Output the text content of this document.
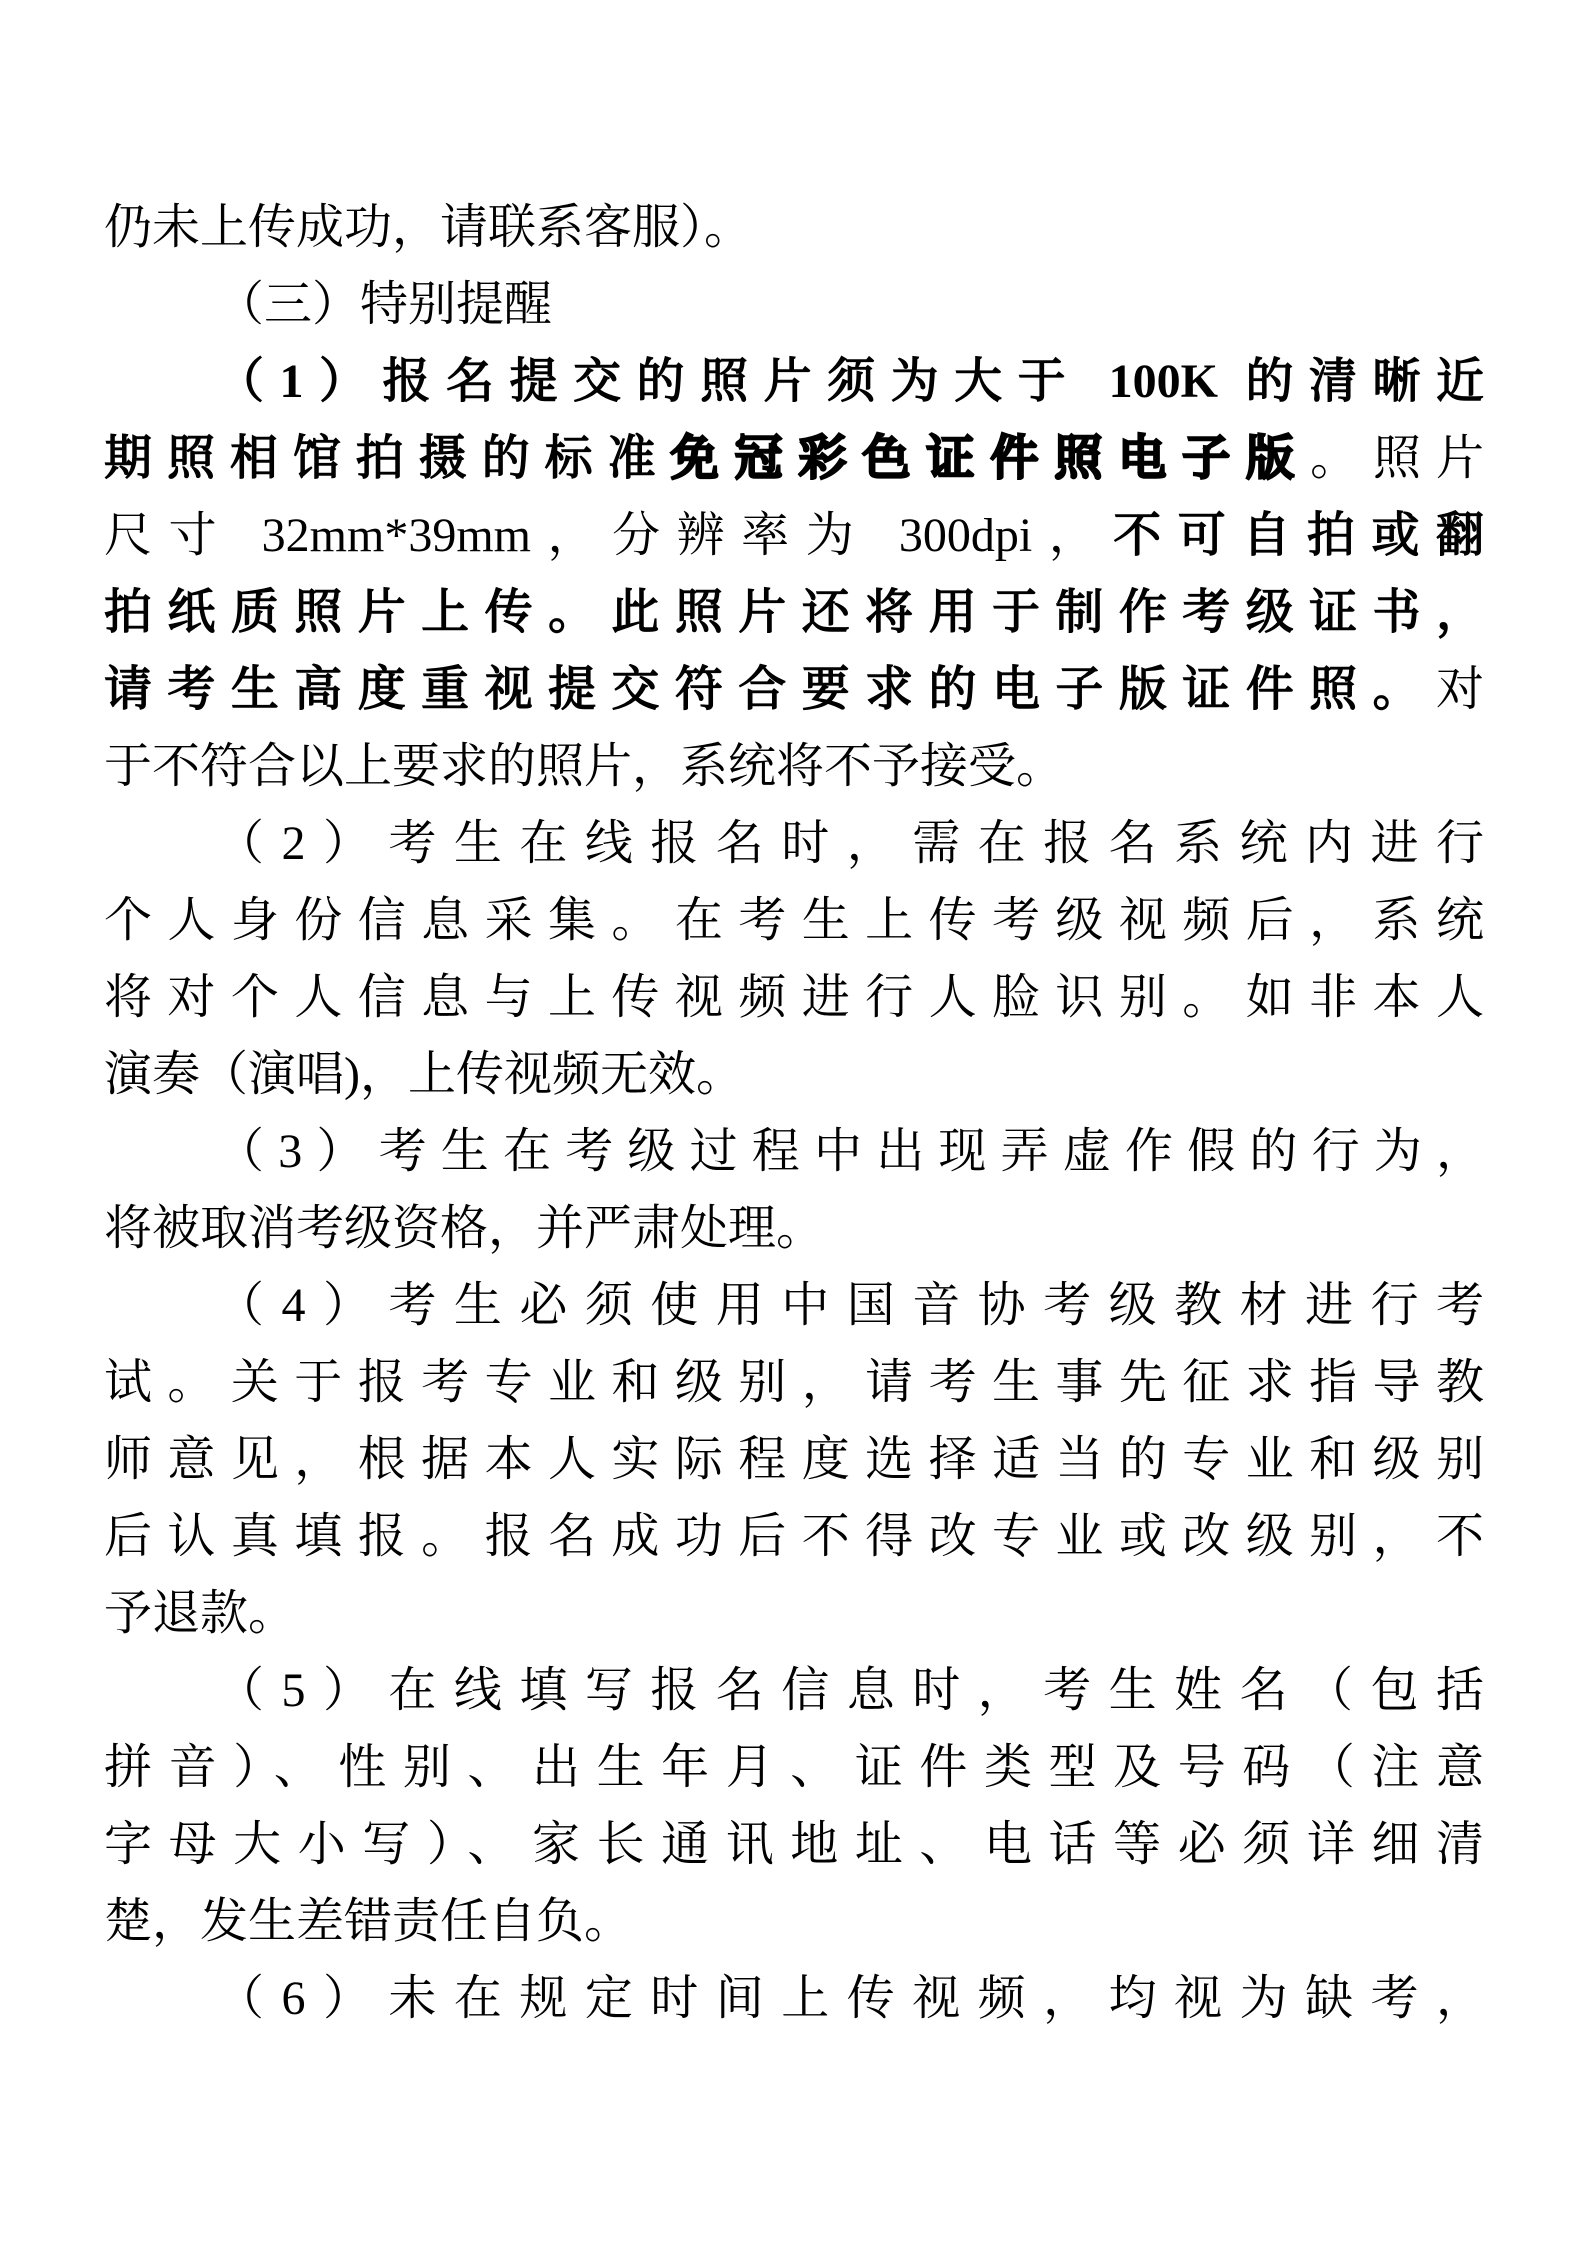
仍未上传成功，请联系客服）。
（三）特别提醒
（1）报名提交的照片须为大于 100K 的清晰近
期照相馆拍摄的标准免冠彩色证件照电子版。照片
尺寸 32mm*39mm，分辨率为 300dpi，不可自拍或翻
拍纸质照片上传。此照片还将用于制作考级证书，
请考生高度重视提交符合要求的电子版证件照。对
于不符合以上要求的照片，系统将不予接受。
（2）考生在线报名时，需在报名系统内进行
个人身份信息采集。在考生上传考级视频后，系统
将对个人信息与上传视频进行人脸识别。如非本人
演奏（演唱)，上传视频无效。
（3）考生在考级过程中出现弄虚作假的行为，
将被取消考级资格，并严肃处理。
（4）考生必须使用中国音协考级教材进行考
试。关于报考专业和级别，请考生事先征求指导教
师意见，根据本人实际程度选择适当的专业和级别
后认真填报。报名成功后不得改专业或改级别，不
予退款。
（5）在线填写报名信息时，考生姓名（包括
拼音）、性别、出生年月、证件类型及号码（注意
字母大小写）、家长通讯地址、电话等必须详细清
楚，发生差错责任自负。
（6）未在规定时间上传视频，均视为缺考，
